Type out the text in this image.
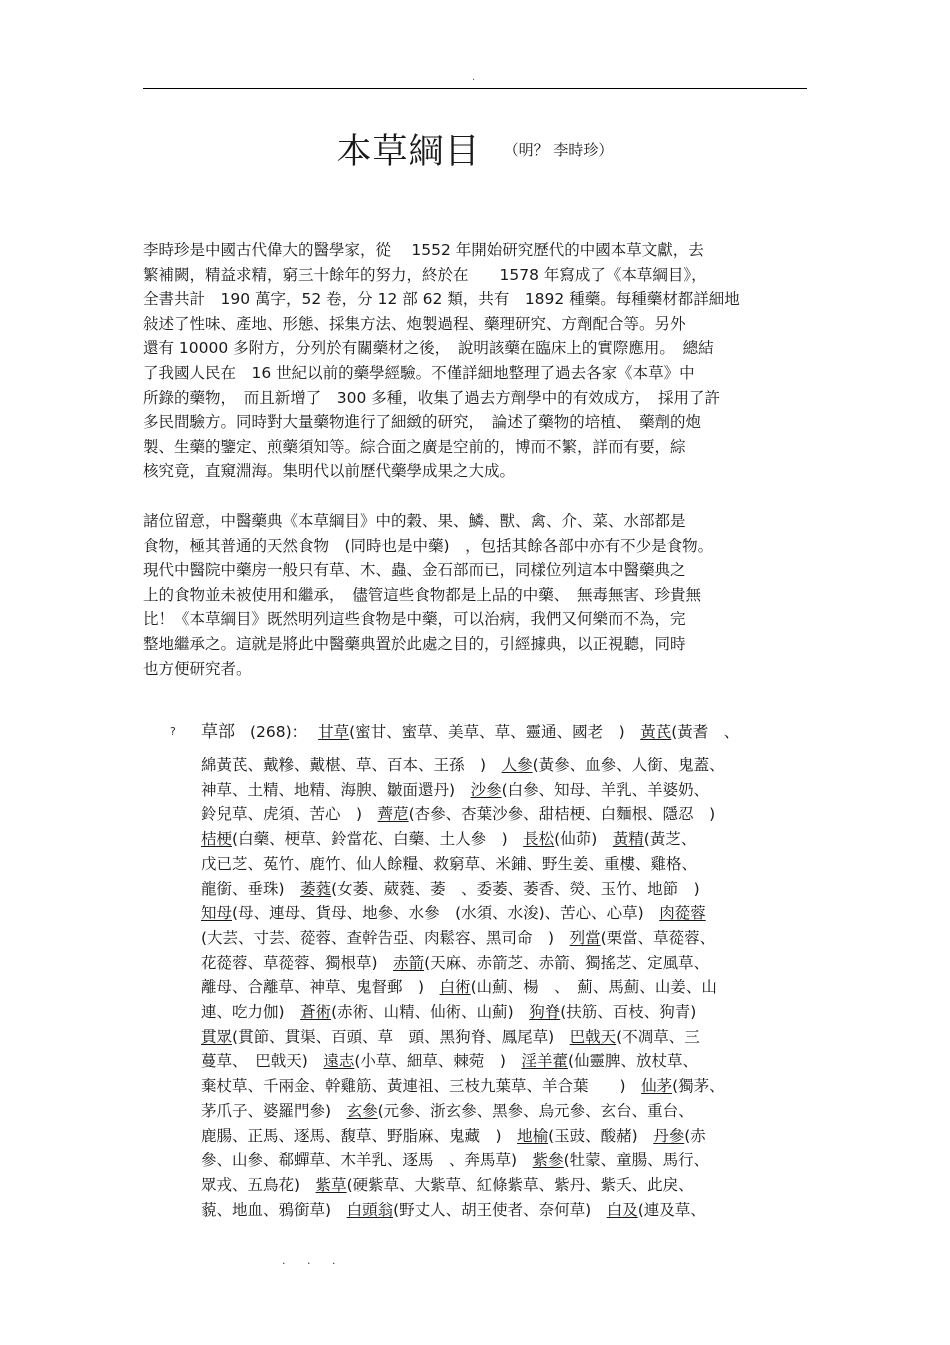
.
本草綱目 （明？ 李時珍）
李時珍是中國古代偉大的醫學家，從　 1552 年開始研究歷代的中國本草文獻，去
繁補闕，精益求精，窮三十餘年的努力，終於在　　1578 年寫成了《本草綱目》，
全書共計　190 萬字，52 卷，分 12 部 62 類，共有　1892 種藥。每種藥材都詳細地
敍述了性味、產地、形態、採集方法、炮製過程、藥理研究、方劑配合等。另外
還有 10000 多附方，分列於有關藥材之後，　說明該藥在臨床上的實際應用。　總結
了我國人民在　16 世紀以前的藥學經驗。不僅詳細地整理了過去各家《本草》中
所錄的藥物，　而且新增了　300 多種，收集了過去方劑學中的有效成方，　採用了許
多民間驗方。同時對大量藥物進行了細緻的研究，　論述了藥物的培植、　藥劑的炮
製、生藥的鑒定、煎藥須知等。綜合面之廣是空前的，博而不繁，詳而有要，綜
核究竟，直窺淵海。集明代以前歷代藥學成果之大成。
諸位留意，中醫藥典《本草綱目》中的穀、果、鱗、獸、禽、介、菜、水部都是
食物，極其普通的天然食物　(同時也是中藥)　，包括其餘各部中亦有不少是食物。
現代中醫院中藥房一般只有草、木、蟲、金石部而已，同樣位列這本中醫藥典之
上的食物並未被使用和繼承，　儘管這些食物都是上品的中藥、　無毒無害、珍貴無
比！《本草綱目》既然明列這些食物是中藥，可以治病，我們又何樂而不為，完
整地繼承之。這就是將此中醫藥典置於此處之目的，引經據典，以正視聽，同時
也方便研究者。
? 草部 (268)： 甘草(蜜甘、蜜草、美草、草、靈通、國老　)　黃芪(黃耆　、
綿黃芪、戴糝、戴椹、草、百本、王孫　)　人參(黃參、血參、人銜、鬼蓋、
神草、土精、地精、海腴、皺面還丹)　沙參(白參、知母、羊乳、羊婆奶、
鈴兒草、虎須、苦心　)　薺苨(杏參、杏葉沙參、甜桔梗、白麵根、隱忍　)
桔梗(白藥、梗草、鈴當花、白藥、土人參　)　長松(仙茆)　黃精(黃芝、
戊已芝、菟竹、鹿竹、仙人餘糧、救窮草、米鋪、野生姜、重樓、雞格、
龍銜、垂珠)　萎蕤(女萎、葳蕤、萎　、委萎、萎香、熒、玉竹、地節　)
知母(母、連母、貨母、地參、水參　(水須、水浚)、苦心、心草)　肉蓯蓉
(大芸、寸芸、蓯蓉、查幹告亞、肉鬆容、黑司命　)　列當(栗當、草蓯蓉、
花蓯蓉、草蓯蓉、獨根草)　赤箭(天麻、赤箭芝、赤箭、獨搖芝、定風草、
離母、合離草、神草、鬼督郵　)　白術(山薊、楊　、　薊、馬薊、山姜、山
連、吃力伽)　蒼術(赤術、山精、仙術、山薊)　狗脊(扶筋、百枝、狗青)
貫眾(貫節、貫渠、百頭、草　頭、黑狗脊、鳳尾草)　巴戟天(不凋草、三
蔓草、　巴戟天)　遠志(小草、細草、棘菀　)　淫羊藿(仙靈脾、放杖草、
棄杖草、千兩金、幹雞筋、黃連祖、三枝九葉草、羊合葉　　)　仙茅(獨茅、
茅爪子、婆羅門參)　玄參(元參、浙玄參、黑參、烏元參、玄台、重台、
鹿腸、正馬、逐馬、馥草、野脂麻、鬼藏　)　地榆(玉豉、酸赭)　丹參(赤
參、山參、郗蟬草、木羊乳、逐馬　、奔馬草)　紫參(牡蒙、童腸、馬行、
眾戎、五鳥花)　紫草(硬紫草、大紫草、紅條紫草、紫丹、紫夭、此戾、
藐、地血、鴉銜草)　白頭翁(野丈人、胡王使者、奈何草)　白及(連及草、
. . .
